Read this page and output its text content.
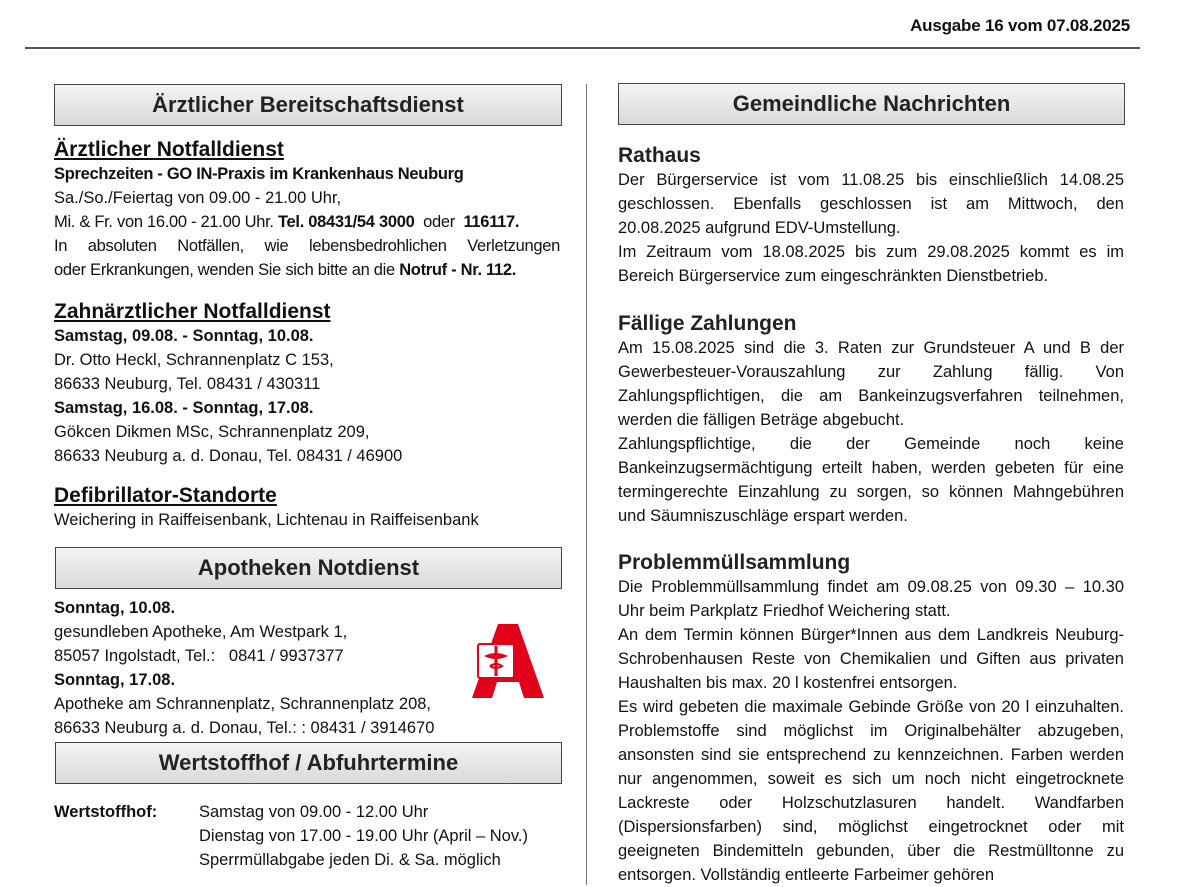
Ausgabe 16 vom 07.08.2025
Ärztlicher Bereitschaftsdienst
Ärztlicher Notfalldienst
Sprechzeiten - GO IN-Praxis im Krankenhaus Neuburg
Sa./So./Feiertag von 09.00 - 21.00 Uhr,
Mi. & Fr. von 16.00 - 21.00 Uhr. Tel. 08431/54 3000 oder 116117.
In absoluten Notfällen, wie lebensbedrohlichen Verletzungen
oder Erkrankungen, wenden Sie sich bitte an die Notruf - Nr. 112.
Zahnärztlicher Notfalldienst
Samstag, 09.08. - Sonntag, 10.08.
Dr. Otto Heckl, Schrannenplatz C 153,
86633 Neuburg, Tel. 08431 / 430311
Samstag, 16.08. - Sonntag, 17.08.
Gökcen Dikmen MSc, Schrannenplatz 209,
86633 Neuburg a. d. Donau, Tel. 08431 / 46900
Defibrillator-Standorte
Weichering in Raiffeisenbank, Lichtenau in Raiffeisenbank
Apotheken Notdienst
Sonntag, 10.08.
gesundleben Apotheke, Am Westpark 1,
85057 Ingolstadt, Tel.:   0841 / 9937377
Sonntag, 17.08.
Apotheke am Schrannenplatz, Schrannenplatz 208,
86633 Neuburg a. d. Donau, Tel.: : 08431 / 3914670
Wertstoffhof / Abfuhrtermine
Wertstoffhof:	Samstag von 09.00 - 12.00 Uhr
Dienstag von 17.00 - 19.00 Uhr (April – Nov.)
Sperrmüllabgabe jeden Di. & Sa. möglich
Gemeindliche Nachrichten
Rathaus

Der Bürgerservice ist vom 11.08.25 bis einschließlich 14.08.25 geschlossen. Ebenfalls geschlossen ist am Mittwoch, den 20.08.2025 aufgrund EDV-Umstellung.

Im Zeitraum vom 18.08.2025 bis zum 29.08.2025 kommt es im Bereich Bürgerservice zum eingeschränkten Dienstbetrieb.

Fällige Zahlungen

Am 15.08.2025 sind die 3. Raten zur Grundsteuer A und B der Gewerbesteuer-Vorauszahlung zur Zahlung fällig. Von Zahlungspflichtigen, die am Bankeinzugsverfahren teilnehmen, werden die fälligen Beträge abgebucht.

Zahlungspflichtige, die der Gemeinde noch keine Bankeinzugsermächtigung erteilt haben, werden gebeten für eine termingerechte Einzahlung zu sorgen, so können Mahngebühren und Säumniszuschläge erspart werden.

Problemmüllsammlung

Die Problemmüllsammlung findet am 09.08.25 von 09.30 – 10.30 Uhr beim Parkplatz Friedhof Weichering statt.

An dem Termin können Bürger*Innen aus dem Landkreis Neuburg-Schrobenhausen Reste von Chemikalien und Giften aus privaten Haushalten bis max. 20 l kostenfrei entsorgen.

Es wird gebeten die maximale Gebinde Größe von 20 l einzuhalten. Problemstoffe sind möglichst im Originalbehälter abzugeben, ansonsten sind sie entsprechend zu kennzeichnen. Farben werden nur angenommen, soweit es sich um noch nicht eingetrocknete Lackreste oder Holzschutzlasuren handelt. Wandfarben (Dispersionsfarben) sind, möglichst eingetrocknet oder mit geeigneten Bindemitteln gebunden, über die Restmülltonne zu entsorgen. Vollständig entleerte Farbeimer gehören
